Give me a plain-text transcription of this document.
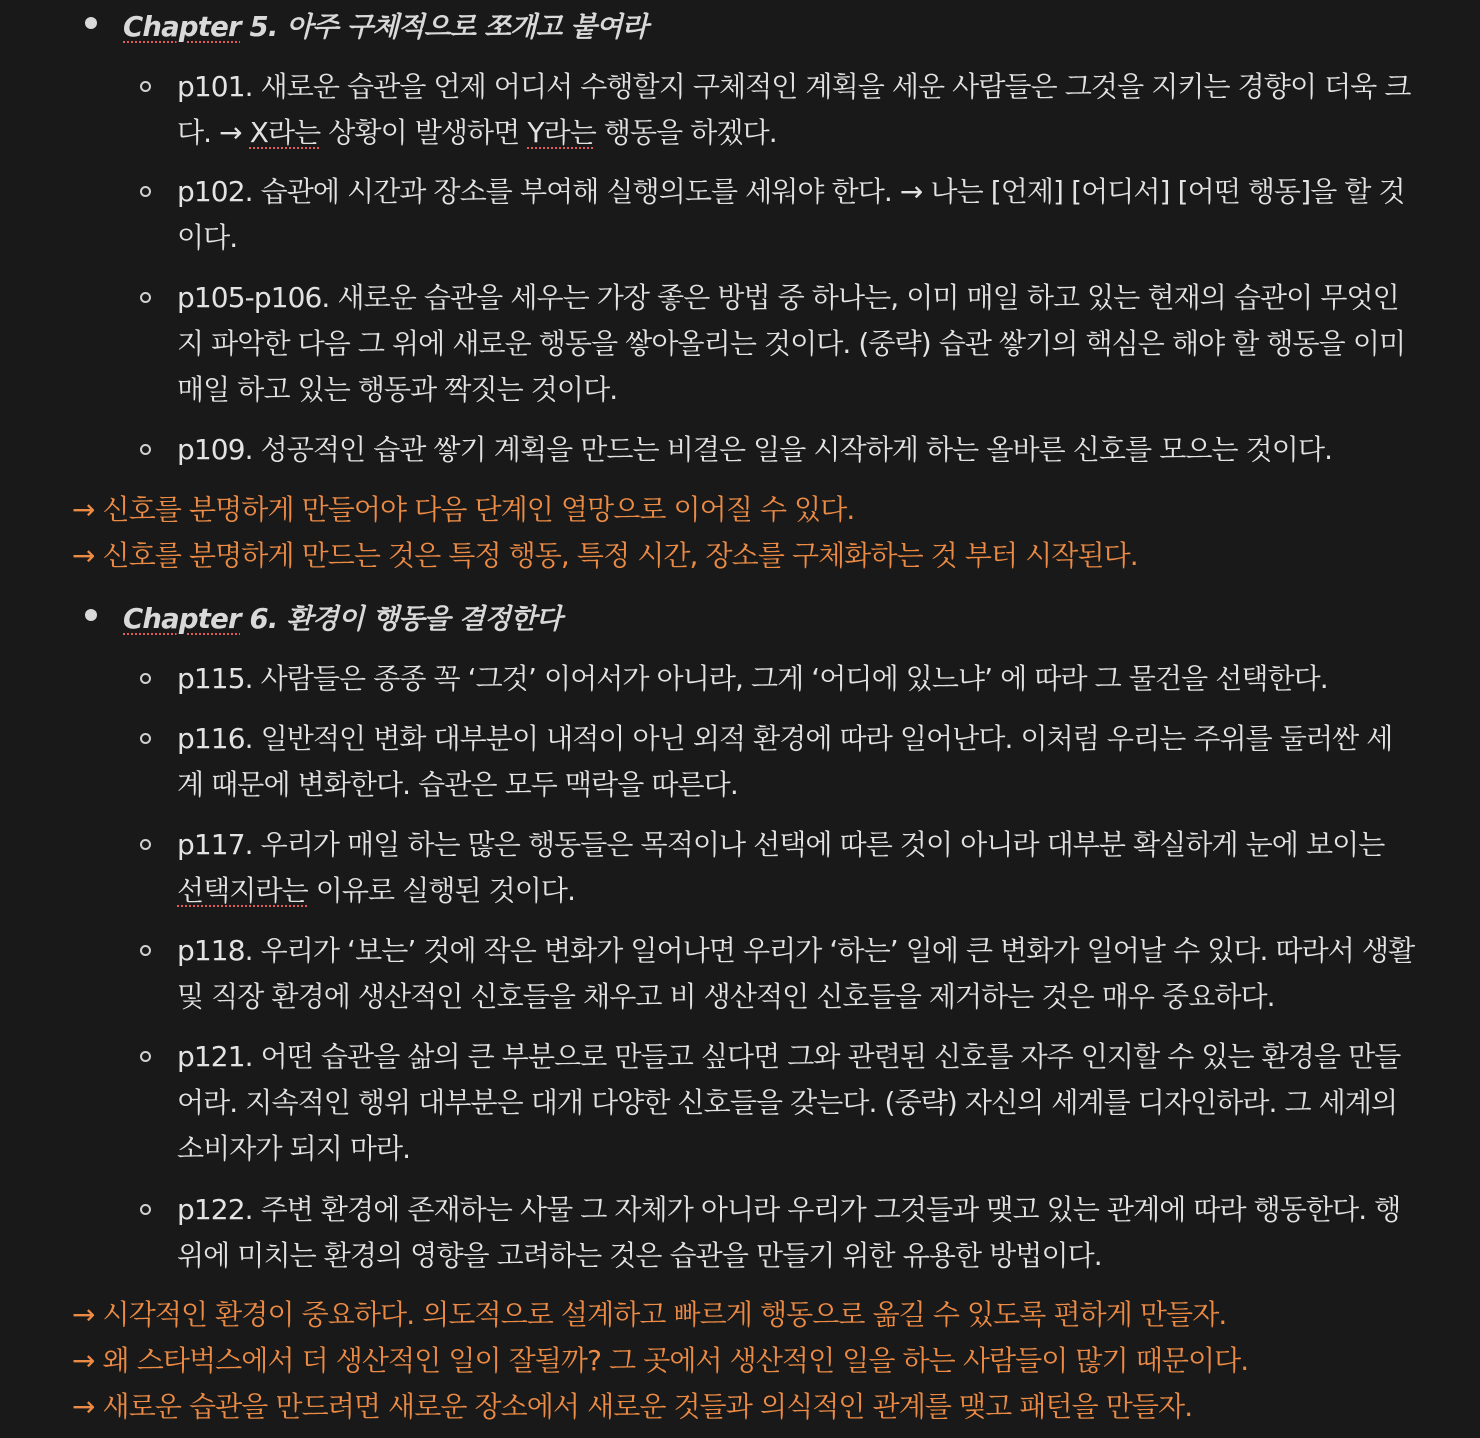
Chapter 5. 아주 구체적으로 쪼개고 붙여라
p101. 새로운 습관을 언제 어디서 수행할지 구체적인 계획을 세운 사람들은 그것을 지키는 경향이 더욱 크다. → X라는 상황이 발생하면 Y라는 행동을 하겠다.
p102. 습관에 시간과 장소를 부여해 실행의도를 세워야 한다. → 나는 [언제] [어디서] [어떤 행동]을 할 것이다.
p105-p106. 새로운 습관을 세우는 가장 좋은 방법 중 하나는, 이미 매일 하고 있는 현재의 습관이 무엇인지 파악한 다음 그 위에 새로운 행동을 쌓아올리는 것이다. (중략) 습관 쌓기의 핵심은 해야 할 행동을 이미 매일 하고 있는 행동과 짝짓는 것이다.
p109. 성공적인 습관 쌓기 계획을 만드는 비결은 일을 시작하게 하는 올바른 신호를 모으는 것이다.
→ 신호를 분명하게 만들어야 다음 단계인 열망으로 이어질 수 있다.
→ 신호를 분명하게 만드는 것은 특정 행동, 특정 시간, 장소를 구체화하는 것 부터 시작된다.
Chapter 6. 환경이 행동을 결정한다
p115. 사람들은 종종 꼭 ‘그것’ 이어서가 아니라, 그게 ‘어디에 있느냐’ 에 따라 그 물건을 선택한다.
p116. 일반적인 변화 대부분이 내적이 아닌 외적 환경에 따라 일어난다. 이처럼 우리는 주위를 둘러싼 세계 때문에 변화한다. 습관은 모두 맥락을 따른다.
p117. 우리가 매일 하는 많은 행동들은 목적이나 선택에 따른 것이 아니라 대부분 확실하게 눈에 보이는 선택지라는 이유로 실행된 것이다.
p118. 우리가 ‘보는’ 것에 작은 변화가 일어나면 우리가 ‘하는’ 일에 큰 변화가 일어날 수 있다. 따라서 생활 및 직장 환경에 생산적인 신호들을 채우고 비 생산적인 신호들을 제거하는 것은 매우 중요하다.
p121. 어떤 습관을 삶의 큰 부분으로 만들고 싶다면 그와 관련된 신호를 자주 인지할 수 있는 환경을 만들어라. 지속적인 행위 대부분은 대개 다양한 신호들을 갖는다. (중략) 자신의 세계를 디자인하라. 그 세계의 소비자가 되지 마라.
p122. 주변 환경에 존재하는 사물 그 자체가 아니라 우리가 그것들과 맺고 있는 관계에 따라 행동한다. 행위에 미치는 환경의 영향을 고려하는 것은 습관을 만들기 위한 유용한 방법이다.
→ 시각적인 환경이 중요하다. 의도적으로 설계하고 빠르게 행동으로 옮길 수 있도록 편하게 만들자.
→ 왜 스타벅스에서 더 생산적인 일이 잘될까? 그 곳에서 생산적인 일을 하는 사람들이 많기 때문이다.
→ 새로운 습관을 만드려면 새로운 장소에서 새로운 것들과 의식적인 관계를 맺고 패턴을 만들자.
